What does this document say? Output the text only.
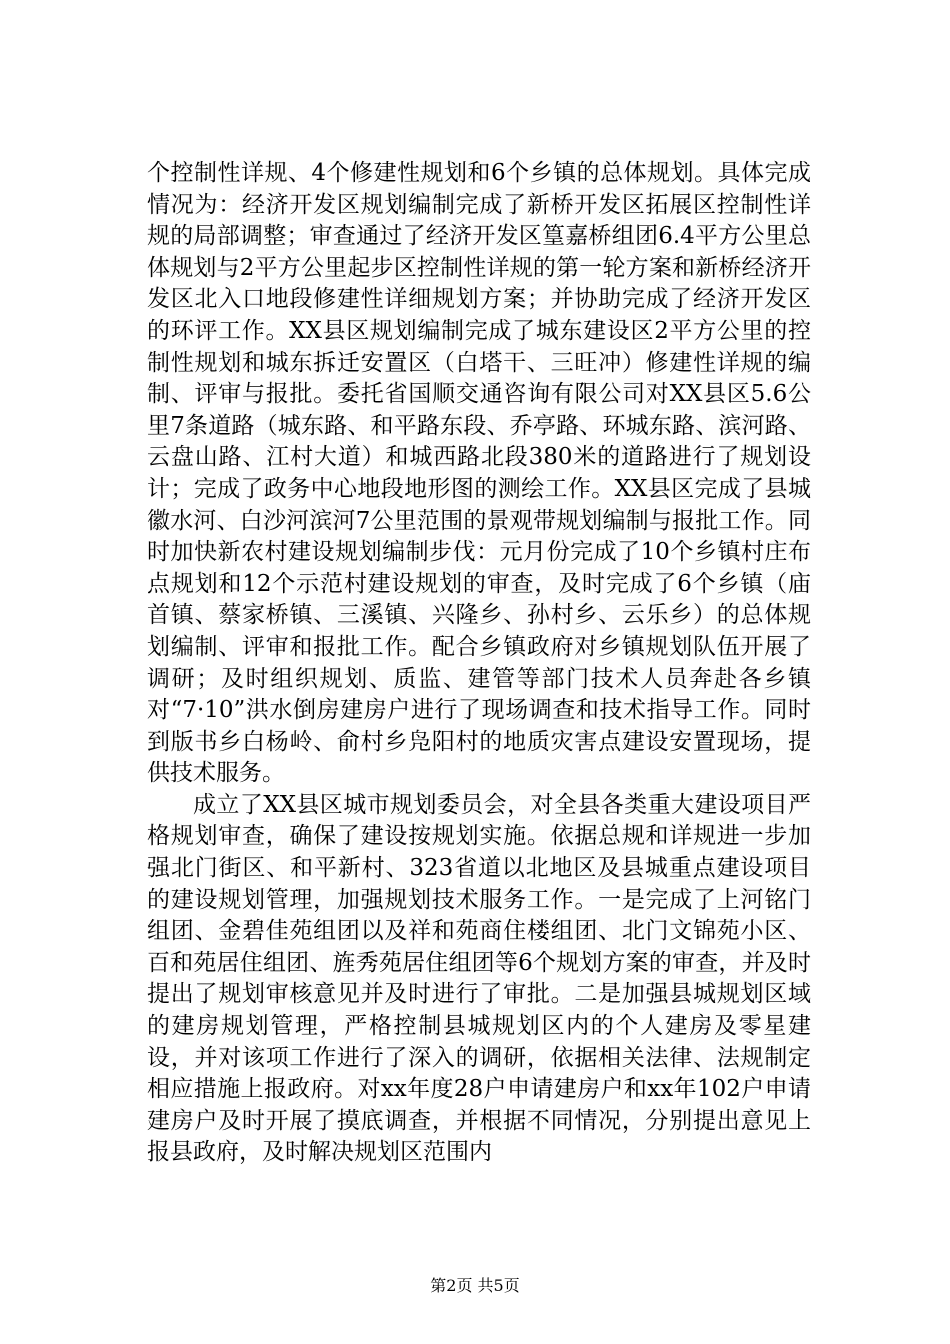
个控制性详规、4个修建性规划和6个乡镇的总体规划。具体完成情况为：经济开发区规划编制完成了新桥开发区拓展区控制性详规的局部调整；审查通过了经济开发区篁嘉桥组团6.4平方公里总体规划与2平方公里起步区控制性详规的第一轮方案和新桥经济开发区北入口地段修建性详细规划方案；并协助完成了经济开发区的环评工作。XX县区规划编制完成了城东建设区2平方公里的控制性规划和城东拆迁安置区（白塔干、三旺冲）修建性详规的编制、评审与报批。委托省国顺交通咨询有限公司对XX县区5.6公里7条道路（城东路、和平路东段、乔亭路、环城东路、滨河路、云盘山路、江村大道）和城西路北段380米的道路进行了规划设计；完成了政务中心地段地形图的测绘工作。XX县区完成了县城徽水河、白沙河滨河7公里范围的景观带规划编制与报批工作。同时加快新农村建设规划编制步伐：元月份完成了10个乡镇村庄布点规划和12个示范村建设规划的审查，及时完成了6个乡镇（庙首镇、蔡家桥镇、三溪镇、兴隆乡、孙村乡、云乐乡）的总体规划编制、评审和报批工作。配合乡镇政府对乡镇规划队伍开展了调研；及时组织规划、质监、建管等部门技术人员奔赴各乡镇对“7·10”洪水倒房建房户进行了现场调查和技术指导工作。同时到版书乡白杨岭、俞村乡凫阳村的地质灾害点建设安置现场，提供技术服务。

成立了XX县区城市规划委员会，对全县各类重大建设项目严格规划审查，确保了建设按规划实施。依据总规和详规进一步加强北门街区、和平新村、323省道以北地区及县城重点建设项目的建设规划管理，加强规划技术服务工作。一是完成了上河铭门组团、金碧佳苑组团以及祥和苑商住楼组团、北门文锦苑小区、百和苑居住组团、旌秀苑居住组团等6个规划方案的审查，并及时提出了规划审核意见并及时进行了审批。二是加强县城规划区域的建房规划管理，严格控制县城规划区内的个人建房及零星建设，并对该项工作进行了深入的调研，依据相关法律、法规制定相应措施上报政府。对xx年度28户申请建房户和xx年102户申请建房户及时开展了摸底调查，并根据不同情况，分别提出意见上报县政府，及时解决规划区范围内

第2页 共5页
